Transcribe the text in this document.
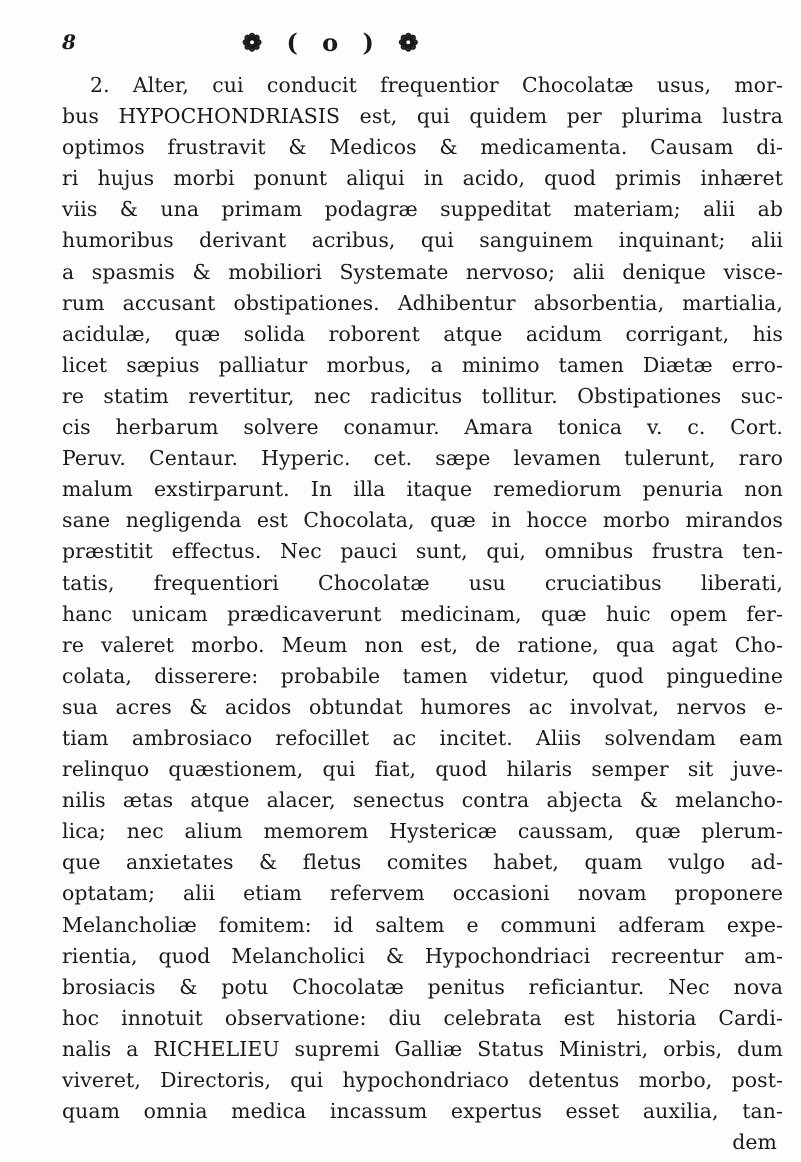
8	❁ ( o ) ❁
2. Alter, cui conducit frequentior Chocolatæ usus, mor-
bus HYPOCHONDRIASIS est, qui quidem per plurima lustra
optimos frustravit & Medicos & medicamenta. Causam di-
ri hujus morbi ponunt aliqui in acido, quod primis inhæret
viis & una primam podagræ suppeditat materiam; alii ab
humoribus derivant acribus, qui sanguinem inquinant; alii
a spasmis & mobiliori Systemate nervoso; alii denique visce-
rum accusant obstipationes. Adhibentur absorbentia, martialia,
acidulæ, quæ solida roborent atque acidum corrigant, his
licet sæpius palliatur morbus, a minimo tamen Diætæ erro-
re statim revertitur, nec radicitus tollitur. Obstipationes suc-
cis herbarum solvere conamur. Amara tonica v. c. Cort.
Peruv. Centaur. Hyperic. cet. sæpe levamen tulerunt, raro
malum exstirparunt. In illa itaque remediorum penuria non
sane negligenda est Chocolata, quæ in hocce morbo mirandos
præstitit effectus. Nec pauci sunt, qui, omnibus frustra ten-
tatis, frequentiori Chocolatæ usu cruciatibus liberati,
hanc unicam prædicaverunt medicinam, quæ huic opem fer-
re valeret morbo. Meum non est, de ratione, qua agat Cho-
colata, disserere: probabile tamen videtur, quod pinguedine
sua acres & acidos obtundat humores ac involvat, nervos e-
tiam ambrosiaco refocillet ac incitet. Aliis solvendam eam
relinquo quæstionem, qui fiat, quod hilaris semper sit juve-
nilis ætas atque alacer, senectus contra abjecta & melancho-
lica; nec alium memorem Hystericæ caussam, quæ plerum-
que anxietates & fletus comites habet, quam vulgo ad-
optatam; alii etiam refervem occasioni novam proponere
Melancholiæ fomitem: id saltem e communi adferam expe-
rientia, quod Melancholici & Hypochondriaci recreentur am-
brosiacis & potu Chocolatæ penitus reficiantur. Nec nova
hoc innotuit observatione: diu celebrata est historia Cardi-
nalis a RICHELIEU supremi Galliæ Status Ministri, orbis, dum
viveret, Directoris, qui hypochondriaco detentus morbo, post-
quam omnia medica incassum expertus esset auxilia, tan-
dem
